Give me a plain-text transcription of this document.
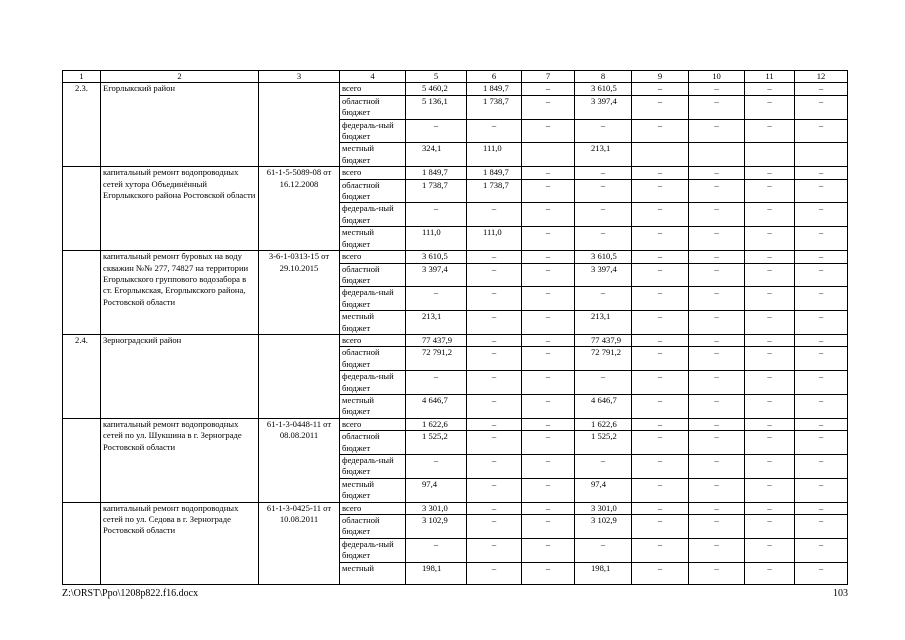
1	2	3	4	5	6	7	8	9	10	11	12
2.3.	Егорлыкский район		всего	5 460,2	1 849,7	–	3 610,5	–	–	–	–
			областной бюджет	5 136,1	1 738,7	–	3 397,4	–	–	–	–
			федераль-ный бюджет	–	–	–	–	–	–	–	–
			местный бюджет	324,1	111,0		213,1				
	капитальный ремонт водопроводных сетей хутора Объединённый Егорлыкского района Ростовской области	61-1-5-5089-08 от 16.12.2008	всего	1 849,7	1 849,7	–	–	–	–	–	–
			областной бюджет	1 738,7	1 738,7	–	–	–	–	–	–
			федераль-ный бюджет	–	–	–	–	–	–	–	–
			местный бюджет	111,0	111,0	–	–	–	–	–	–
	капитальный ремонт буровых на воду скважин №№ 277, 74827 на территории Егорлыкского группового водозабора в ст. Егорлыкская, Егорлыкского района, Ростовской области	3-6-1-0313-15 от 29.10.2015	всего	3 610,5	–	–	3 610,5	–	–	–	–
			областной бюджет	3 397,4	–	–	3 397,4	–	–	–	–
			федераль-ный бюджет	–	–	–	–	–	–	–	–
			местный бюджет	213,1	–	–	213,1	–	–	–	–
2.4.	Зерноградский район		всего	77 437,9	–	–	77 437,9	–	–	–	–
			областной бюджет	72 791,2	–	–	72 791,2	–	–	–	–
			федераль-ный бюджет	–	–	–	–	–	–	–	–
			местный бюджет	4 646,7	–	–	4 646,7	–	–	–	–
	капитальный ремонт водопроводных сетей по ул. Шукшина в г. Зернограде Ростовской области	61-1-3-0448-11 от 08.08.2011	всего	1 622,6	–	–	1 622,6	–	–	–	–
			областной бюджет	1 525,2	–	–	1 525,2	–	–	–	–
			федераль-ный бюджет	–	–	–	–	–	–	–	–
			местный бюджет	97,4	–	–	97,4	–	–	–	–
	капитальный ремонт водопроводных сетей по ул. Седова в г. Зернограде Ростовской области	61-1-3-0425-11 от 10.08.2011	всего	3 301,0	–	–	3 301,0	–	–	–	–
			областной бюджет	3 102,9	–	–	3 102,9	–	–	–	–
			федераль-ный бюджет	–	–	–	–	–	–	–	–
			местный	198,1	–	–	198,1	–	–	–	–
Z:\ORST\Ppo\1208p822.f16.docx	103
